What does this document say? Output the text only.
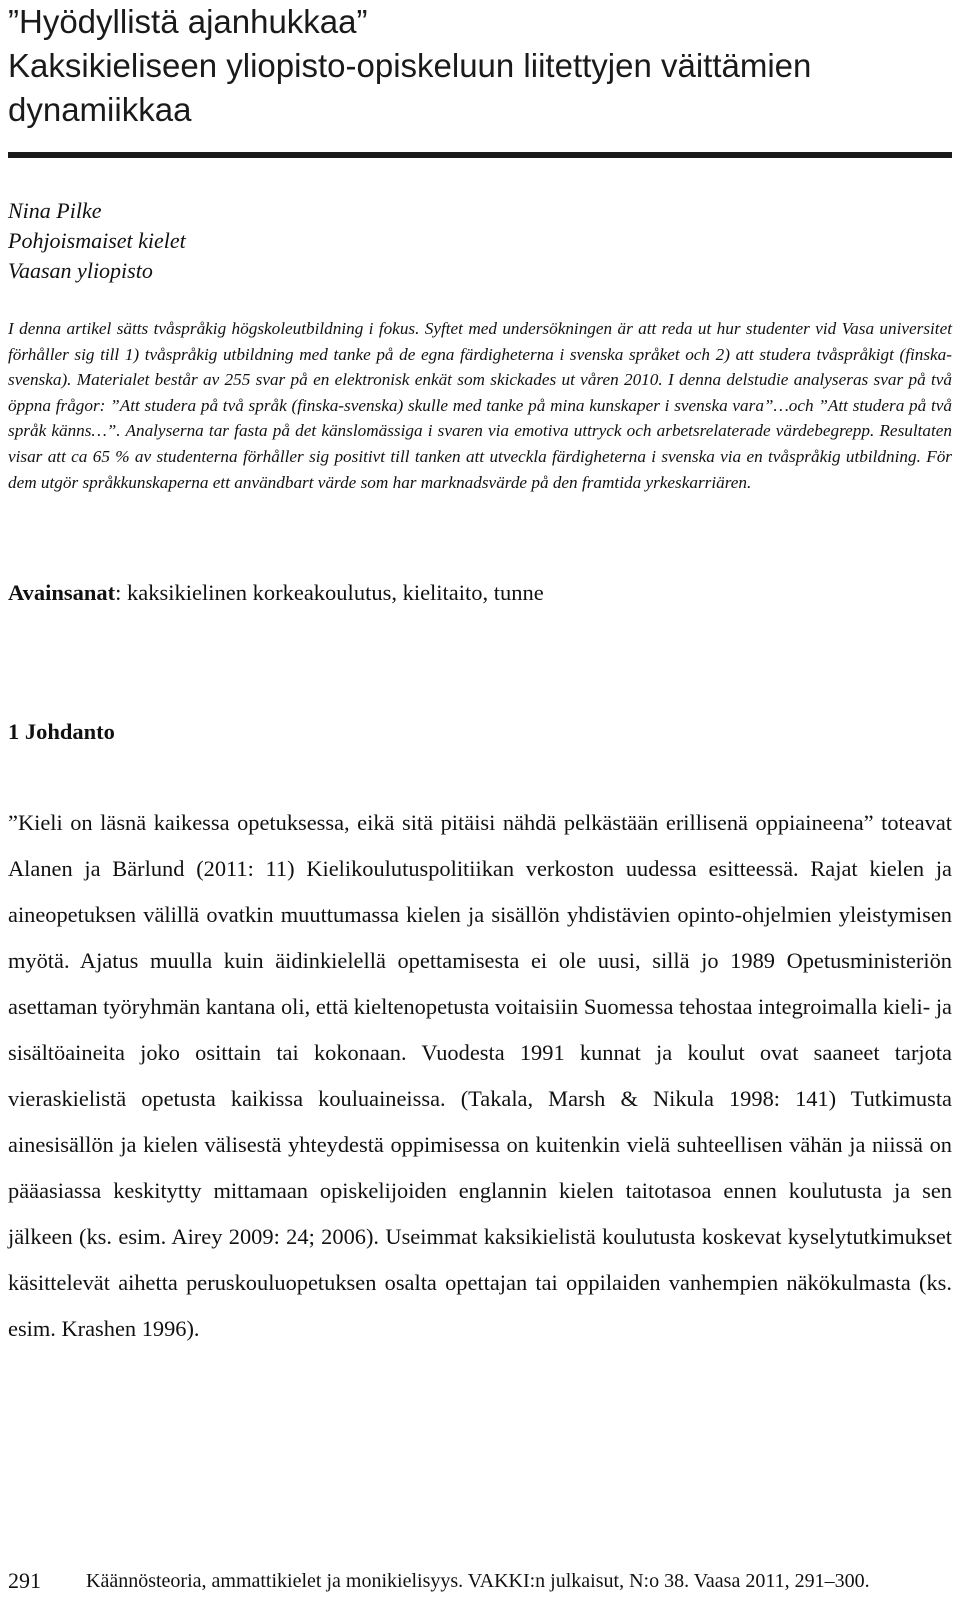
”Hyödyllistä ajanhukkaa”

Kaksikieliseen yliopisto-opiskeluun liitettyjen väittämien

dynamiikkaa

Nina Pilke

Pohjoismaiset kielet

Vaasan yliopisto

I denna artikel sätts tvåspråkig högskoleutbildning i fokus. Syftet med undersökningen är att reda ut hur studenter vid Vasa universitet förhåller sig till 1) tvåspråkig utbildning med tanke på de egna färdigheterna i svenska språket och 2) att studera tvåspråkigt (finska-svenska). Materialet består av 255 svar på en elektronisk enkät som skickades ut våren 2010. I denna delstudie analyseras svar på två öppna frågor: ”Att studera på två språk (finska-svenska) skulle med tanke på mina kunskaper i svenska vara”…och ”Att studera på två språk känns…”. Analyserna tar fasta på det känslomässiga i svaren via emotiva uttryck och arbetsrelaterade värdebegrepp. Resultaten visar att ca 65 % av studenterna förhåller sig positivt till tanken att utveckla färdigheterna i svenska via en tvåspråkig utbildning. För dem utgör språkkunskaperna ett användbart värde som har marknadsvärde på den framtida yrkeskarriären.

Avainsanat: kaksikielinen korkeakoulutus, kielitaito, tunne

1 Johdanto

”Kieli on läsnä kaikessa opetuksessa, eikä sitä pitäisi nähdä pelkästään erillisenä oppiaineena” toteavat Alanen ja Bärlund (2011: 11) Kielikoulutuspolitiikan verkoston uudessa esitteessä. Rajat kielen ja aineopetuksen välillä ovatkin muuttumassa kielen ja sisällön yhdistävien opinto-ohjelmien yleistymisen myötä. Ajatus muulla kuin äidinkielellä opettamisesta ei ole uusi, sillä jo 1989 Opetusministeriön asettaman työryhmän kantana oli, että kieltenopetusta voitaisiin Suomessa tehostaa integroimalla kieli- ja sisältöaineita joko osittain tai kokonaan. Vuodesta 1991 kunnat ja koulut ovat saaneet tarjota vieraskielistä opetusta kaikissa kouluaineissa. (Takala, Marsh & Nikula 1998: 141) Tutkimusta ainesisällön ja kielen välisestä yhteydestä oppimisessa on kuitenkin vielä suhteellisen vähän ja niissä on pääasiassa keskitytty mittamaan opiskelijoiden englannin kielen taitotasoa ennen koulutusta ja sen jälkeen (ks. esim. Airey 2009: 24; 2006). Useimmat kaksikielistä koulutusta koskevat kyselytutkimukset käsittelevät aihetta peruskouluopetuksen osalta opettajan tai oppilaiden vanhempien näkökulmasta (ks. esim. Krashen 1996).

291 Käännösteoria, ammattikielet ja monikielisyys. VAKKI:n julkaisut, N:o 38. Vaasa 2011, 291–300.
